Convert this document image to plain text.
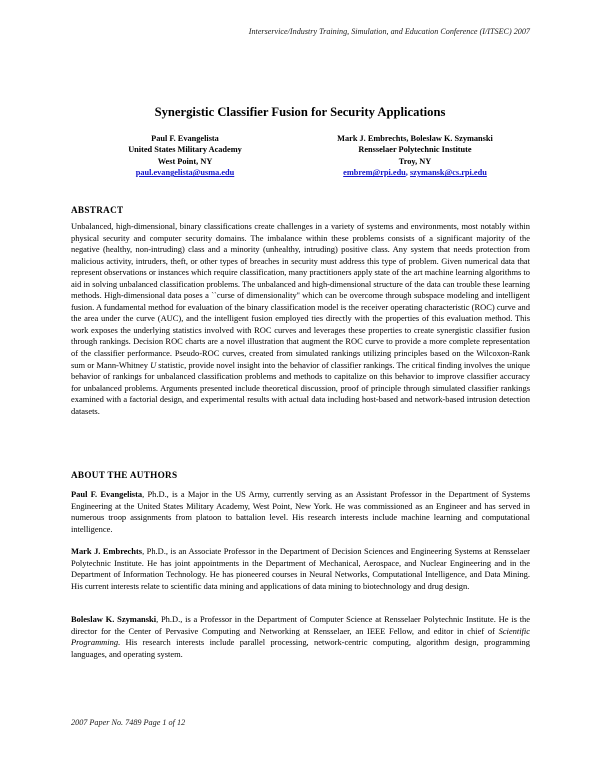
Interservice/Industry Training, Simulation, and Education Conference (I/ITSEC) 2007
Synergistic Classifier Fusion for Security Applications
Paul F. Evangelista
United States Military Academy
West Point, NY
paul.evangelista@usma.edu
Mark J. Embrechts, Boleslaw K. Szymanski
Rensselaer Polytechnic Institute
Troy, NY
embrem@rpi.edu, szymansk@cs.rpi.edu
ABSTRACT
Unbalanced, high-dimensional, binary classifications create challenges in a variety of systems and environments, most notably within physical security and computer security domains. The imbalance within these problems consists of a significant majority of the negative (healthy, non-intruding) class and a minority (unhealthy, intruding) positive class. Any system that needs protection from malicious activity, intruders, theft, or other types of breaches in security must address this type of problem. Given numerical data that represent observations or instances which require classification, many practitioners apply state of the art machine learning algorithms to aid in solving unbalanced classification problems. The unbalanced and high-dimensional structure of the data can trouble these learning methods. High-dimensional data poses a ``curse of dimensionality'' which can be overcome through subspace modeling and intelligent fusion. A fundamental method for evaluation of the binary classification model is the receiver operating characteristic (ROC) curve and the area under the curve (AUC), and the intelligent fusion employed ties directly with the properties of this evaluation method. This work exposes the underlying statistics involved with ROC curves and leverages these properties to create synergistic classifier fusion through rankings. Decision ROC charts are a novel illustration that augment the ROC curve to provide a more complete representation of the classifier performance. Pseudo-ROC curves, created from simulated rankings utilizing principles based on the Wilcoxon-Rank sum or Mann-Whitney U statistic, provide novel insight into the behavior of classifier rankings. The critical finding involves the unique behavior of rankings for unbalanced classification problems and methods to capitalize on this behavior to improve classifier accuracy for unbalanced problems. Arguments presented include theoretical discussion, proof of principle through simulated classifier rankings examined with a factorial design, and experimental results with actual data including host-based and network-based intrusion detection datasets.
ABOUT THE AUTHORS
Paul F. Evangelista, Ph.D., is a Major in the US Army, currently serving as an Assistant Professor in the Department of Systems Engineering at the United States Military Academy, West Point, New York. He was commissioned as an Engineer and has served in numerous troop assignments from platoon to battalion level. His research interests include machine learning and computational intelligence.
Mark J. Embrechts, Ph.D., is an Associate Professor in the Department of Decision Sciences and Engineering Systems at Rensselaer Polytechnic Institute. He has joint appointments in the Department of Mechanical, Aerospace, and Nuclear Engineering and in the Department of Information Technology. He has pioneered courses in Neural Networks, Computational Intelligence, and Data Mining. His current interests relate to scientific data mining and applications of data mining to biotechnology and drug design.
Boleslaw K. Szymanski, Ph.D., is a Professor in the Department of Computer Science at Rensselaer Polytechnic Institute. He is the director for the Center of Pervasive Computing and Networking at Rensselaer, an IEEE Fellow, and editor in chief of Scientific Programming. His research interests include parallel processing, network-centric computing, algorithm design, programming languages, and operating system.
2007 Paper No. 7489 Page 1 of 12
